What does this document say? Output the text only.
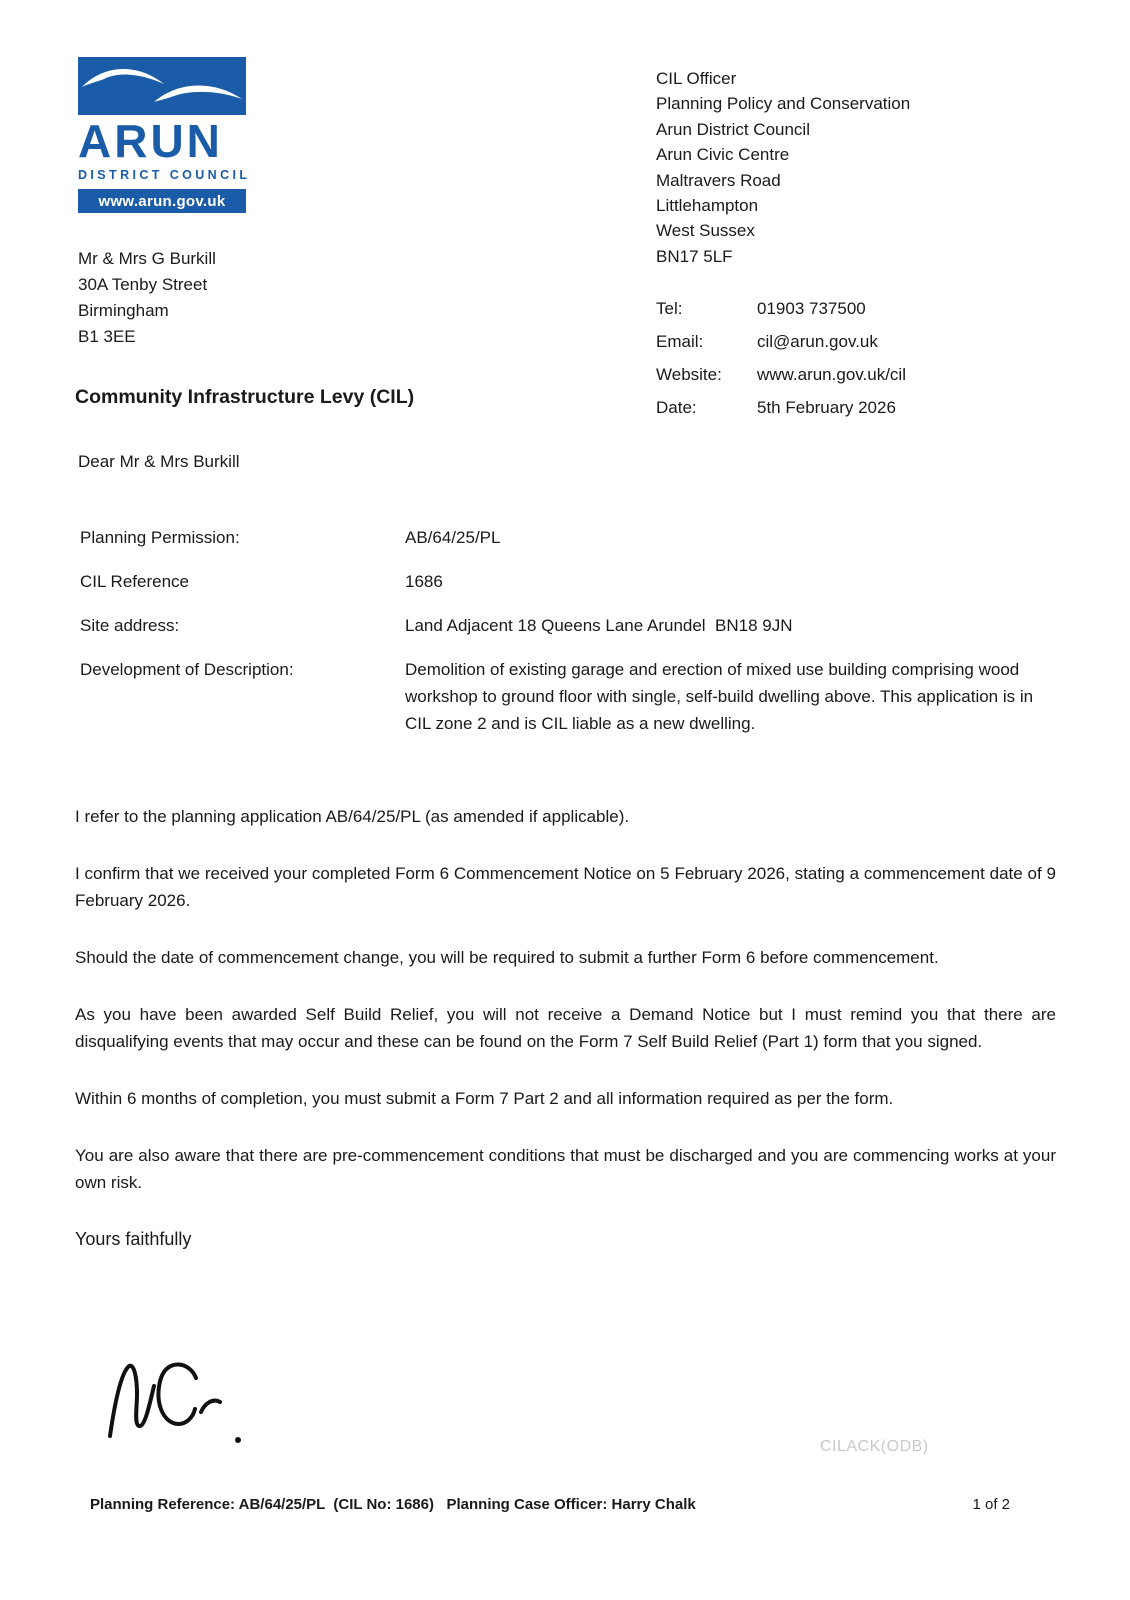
ARUN
DISTRICT COUNCIL
www.arun.gov.uk
CIL Officer
Planning Policy and Conservation
Arun District Council
Arun Civic Centre
Maltravers Road
Littlehampton
West Sussex
BN17 5LF
Tel:	01903 737500
Email:	cil@arun.gov.uk
Website:	www.arun.gov.uk/cil
Date:	5th February 2026
Mr & Mrs G Burkill
30A Tenby Street
Birmingham
B1 3EE
Community Infrastructure Levy (CIL)
Dear Mr & Mrs Burkill
Planning Permission:	AB/64/25/PL
CIL Reference	1686
Site address:	Land Adjacent 18 Queens Lane Arundel  BN18 9JN
Development of Description:	Demolition of existing garage and erection of mixed use building comprising wood workshop to ground floor with single, self-build dwelling above. This application is in CIL zone 2 and is CIL liable as a new dwelling.

I refer to the planning application AB/64/25/PL (as amended if applicable).

I confirm that we received your completed Form 6 Commencement Notice on 5 February 2026, stating a commencement date of 9 February 2026.

Should the date of commencement change, you will be required to submit a further Form 6 before commencement.

As you have been awarded Self Build Relief, you will not receive a Demand Notice but I must remind you that there are disqualifying events that may occur and these can be found on the Form 7 Self Build Relief (Part 1) form that you signed.

Within 6 months of completion, you must submit a Form 7 Part 2 and all information required as per the form.

You are also aware that there are pre-commencement conditions that must be discharged and you are commencing works at your own risk.

Yours faithfully

CILACK(ODB)
Planning Reference: AB/64/25/PL  (CIL No: 1686)   Planning Case Officer: Harry Chalk	1 of 2
